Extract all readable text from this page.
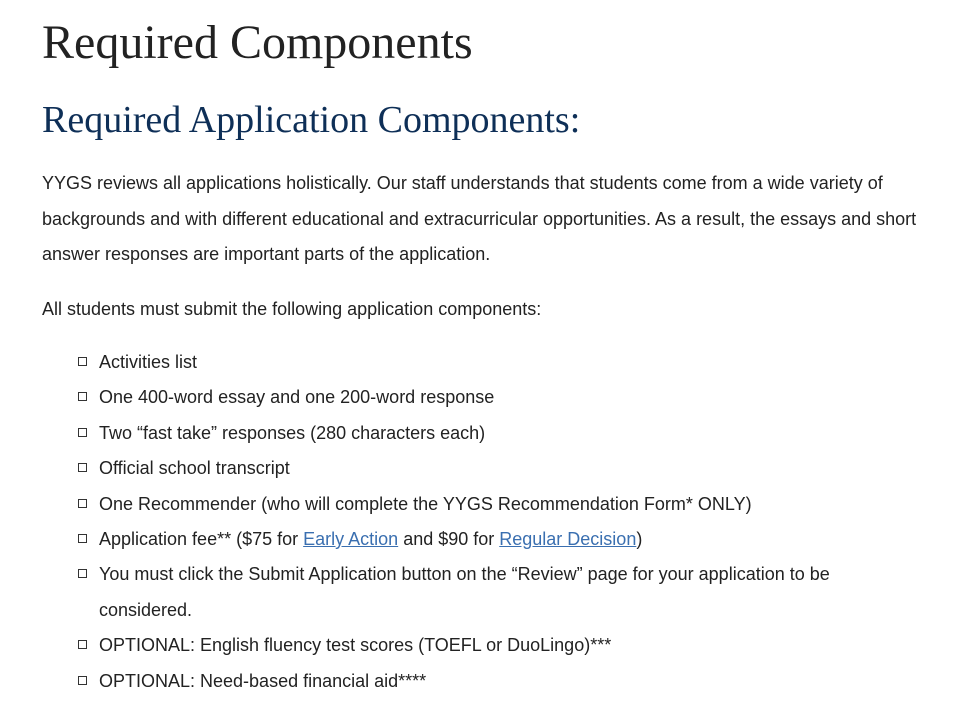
Required Components
Required Application Components:

YYGS reviews all applications holistically. Our staff understands that students come from a wide variety of backgrounds and with different educational and extracurricular opportunities. As a result, the essays and short answer responses are important parts of the application.

All students must submit the following application components:

Activities list
One 400-word essay and one 200-word response
Two “fast take” responses (280 characters each)
Official school transcript
One Recommender (who will complete the YYGS Recommendation Form* ONLY)
Application fee** ($75 for Early Action and $90 for Regular Decision)
You must click the Submit Application button on the “Review” page for your application to be considered.
OPTIONAL: English fluency test scores (TOEFL or DuoLingo)***
OPTIONAL: Need-based financial aid****
